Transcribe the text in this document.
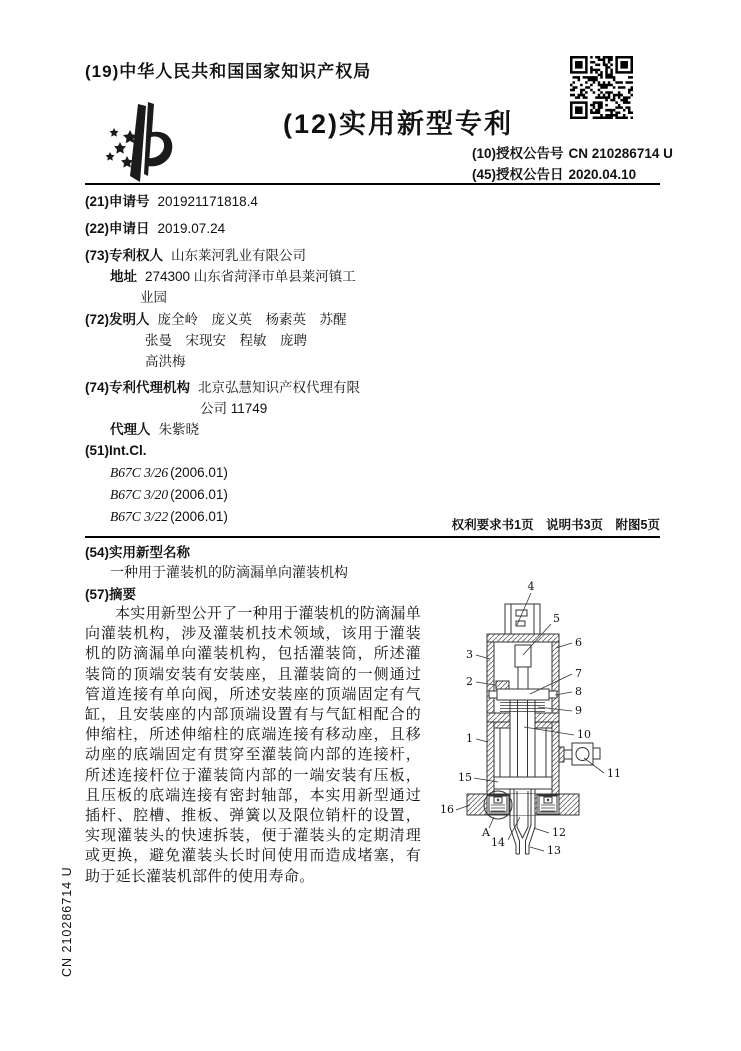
(19)中华人民共和国国家知识产权局
(12)实用新型专利
(10)授权公告号 CN 210286714 U
(45)授权公告日 2020.04.10
(21)申请号 201921171818.4
(22)申请日 2019.07.24
(73)专利权人 山东莱河乳业有限公司
地址 274300 山东省菏泽市单县莱河镇工
业园
(72)发明人 庞全岭　庞义英　杨素英　苏醒
张曼　宋现安　程敏　庞聘
高洪梅
(74)专利代理机构 北京弘慧知识产权代理有限
公司 11749
代理人 朱紫晓
(51)Int.Cl.
B67C 3/26 (2006.01)
B67C 3/20 (2006.01)
B67C 3/22 (2006.01)
权利要求书1页　说明书3页　附图5页
(54)实用新型名称
一种用于灌装机的防滴漏单向灌装机构
(57)摘要
本实用新型公开了一种用于灌装机的防滴漏单向灌装机构，涉及灌装机技术领域，该用于灌装机的防滴漏单向灌装机构，包括灌装筒，所述灌装筒的顶端安装有安装座，且灌装筒的一侧通过管道连接有单向阀，所述安装座的顶端固定有气缸，且安装座的内部顶端设置有与气缸相配合的伸缩柱，所述伸缩柱的底端连接有移动座，且移动座的底端固定有贯穿至灌装筒内部的连接杆，所述连接杆位于灌装筒内部的一端安装有压板，且压板的底端连接有密封轴部，本实用新型通过插杆、腔槽、推板、弹簧以及限位销杆的设置，实现灌装头的快速拆装，便于灌装头的定期清理或更换，避免灌装头长时间使用而造成堵塞，有助于延长灌装机部件的使用寿命。
4
5
6
3
2
7
8
9
1	10
11
15
16
A
14
12
13
CN 210286714 U
